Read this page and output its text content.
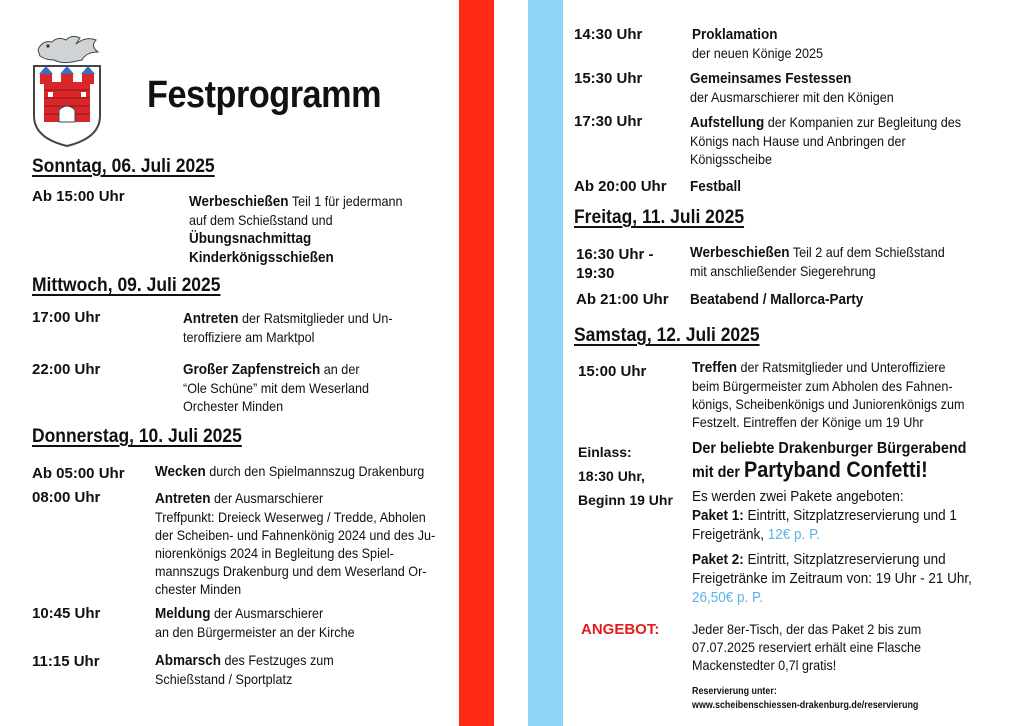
Festprogramm
Sonntag, 06. Juli 2025
Ab 15:00 Uhr	Werbeschießen Teil 1 für jedermann
auf dem Schießstand und
Übungsnachmittag
Kinderkönigsschießen
Mittwoch, 09. Juli 2025
17:00 Uhr	Antreten der Ratsmitglieder und Un-
teroffiziere am Marktpol
22:00 Uhr	Großer Zapfenstreich an der
“Ole Schüne” mit dem Weserland
Orchester Minden
Donnerstag, 10. Juli 2025
Ab 05:00 Uhr Wecken durch den Spielmannszug Drakenburg
08:00 Uhr	Antreten der Ausmarschierer
Treffpunkt: Dreieck Weserweg / Tredde, Abholen
der Scheiben- und Fahnenkönig 2024 und des Ju-
niorenkönigs 2024 in Begleitung des Spiel-
mannszugs Drakenburg und dem Weserland Or-
chester Minden
10:45 Uhr	Meldung der Ausmarschierer
an den Bürgermeister an der Kirche
11:15 Uhr	Abmarsch des Festzuges zum
Schießstand / Sportplatz
14:30 Uhr	Proklamation
der neuen Könige 2025
15:30 Uhr	Gemeinsames Festessen
der Ausmarschierer mit den Königen
17:30 Uhr	Aufstellung der Kompanien zur Begleitung des
Königs nach Hause und Anbringen der
Königsscheibe
Ab 20:00 Uhr Festball
Freitag, 11. Juli 2025
16:30 Uhr -
19:30
Werbeschießen Teil 2 auf dem Schießstand
mit anschließender Siegerehrung
Ab 21:00 Uhr Beatabend / Mallorca-Party
Samstag, 12. Juli 2025
15:00 Uhr	Treffen der Ratsmitglieder und Unteroffiziere
beim Bürgermeister zum Abholen des Fahnen-
königs, Scheibenkönigs und Juniorenkönigs zum
Festzelt. Eintreffen der Könige um 19 Uhr
Einlass:
18:30 Uhr,
Beginn 19 Uhr
Der beliebte Drakenburger Bürgerabend
mit der Partyband Confetti!
Es werden zwei Pakete angeboten:
Paket 1: Eintritt, Sitzplatzreservierung und 1
Freigetränk, 12€ p. P.
Paket 2: Eintritt, Sitzplatzreservierung und
Freigetränke im Zeitraum von: 19 Uhr - 21 Uhr,
26,50€ p. P.
ANGEBOT: Jeder 8er-Tisch, der das Paket 2 bis zum
07.07.2025 reserviert erhält eine Flasche
Mackenstedter 0,7l gratis!
Reservierung unter:
www.scheibenschiessen-drakenburg.de/reservierung
